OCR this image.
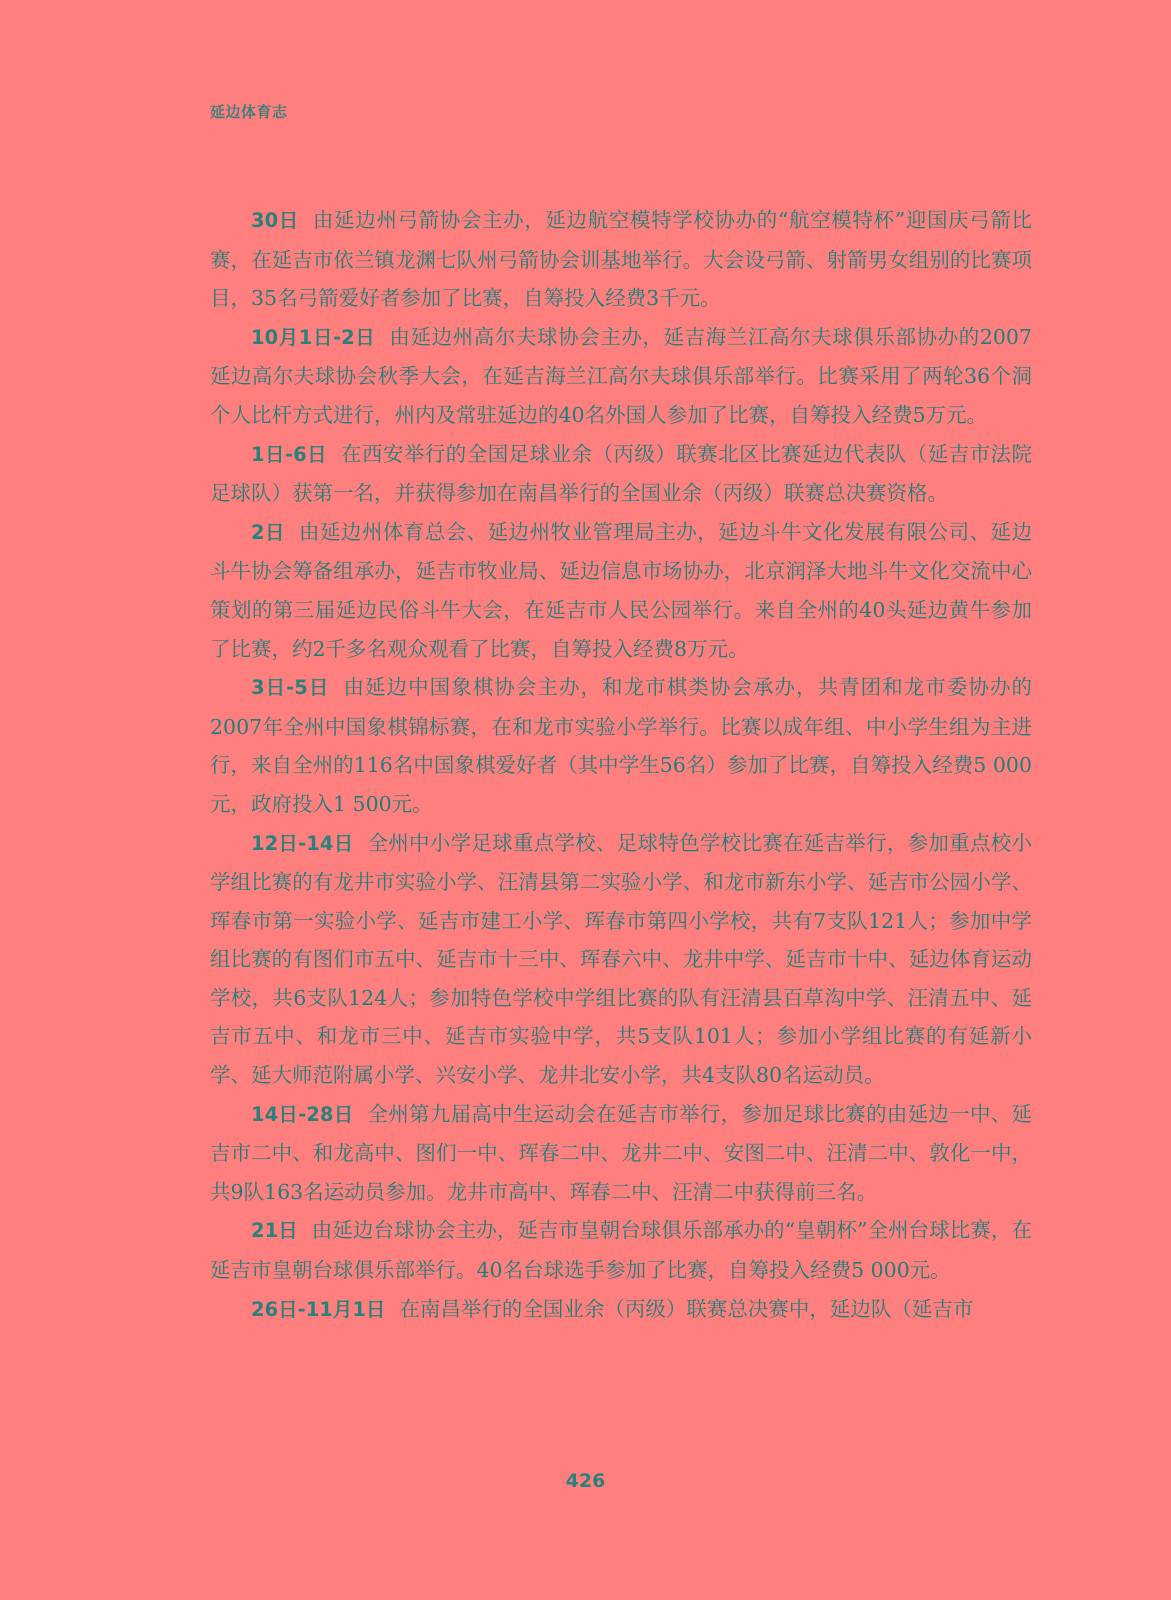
延边体育志

30日 由延边州弓箭协会主办，延边航空模特学校协办的“航空模特杯”迎国庆弓箭比赛，在延吉市依兰镇龙渊七队州弓箭协会训基地举行。大会设弓箭、射箭男女组别的比赛项目，35名弓箭爱好者参加了比赛，自筹投入经费3千元。

10月1日-2日 由延边州高尔夫球协会主办，延吉海兰江高尔夫球俱乐部协办的2007延边高尔夫球协会秋季大会，在延吉海兰江高尔夫球俱乐部举行。比赛采用了两轮36个洞个人比杆方式进行，州内及常驻延边的40名外国人参加了比赛，自筹投入经费5万元。

1日-6日 在西安举行的全国足球业余（丙级）联赛北区比赛延边代表队（延吉市法院足球队）获第一名，并获得参加在南昌举行的全国业余（丙级）联赛总决赛资格。

2日 由延边州体育总会、延边州牧业管理局主办，延边斗牛文化发展有限公司、延边斗牛协会筹备组承办，延吉市牧业局、延边信息市场协办，北京润泽大地斗牛文化交流中心策划的第三届延边民俗斗牛大会，在延吉市人民公园举行。来自全州的40头延边黄牛参加了比赛，约2千多名观众观看了比赛，自筹投入经费8万元。

3日-5日 由延边中国象棋协会主办，和龙市棋类协会承办，共青团和龙市委协办的2007年全州中国象棋锦标赛，在和龙市实验小学举行。比赛以成年组、中小学生组为主进行，来自全州的116名中国象棋爱好者（其中学生56名）参加了比赛，自筹投入经费5 000元，政府投入1 500元。

12日-14日 全州中小学足球重点学校、足球特色学校比赛在延吉举行，参加重点校小学组比赛的有龙井市实验小学、汪清县第二实验小学、和龙市新东小学、延吉市公园小学、珲春市第一实验小学、延吉市建工小学、珲春市第四小学校，共有7支队121人；参加中学组比赛的有图们市五中、延吉市十三中、珲春六中、龙井中学、延吉市十中、延边体育运动学校，共6支队124人；参加特色学校中学组比赛的队有汪清县百草沟中学、汪清五中、延吉市五中、和龙市三中、延吉市实验中学，共5支队101人；参加小学组比赛的有延新小学、延大师范附属小学、兴安小学、龙井北安小学，共4支队80名运动员。

14日-28日 全州第九届高中生运动会在延吉市举行，参加足球比赛的由延边一中、延吉市二中、和龙高中、图们一中、珲春二中、龙井二中、安图二中、汪清二中、敦化一中，共9队163名运动员参加。龙井市高中、珲春二中、汪清二中获得前三名。

21日 由延边台球协会主办，延吉市皇朝台球俱乐部承办的“皇朝杯”全州台球比赛，在延吉市皇朝台球俱乐部举行。40名台球选手参加了比赛，自筹投入经费5 000元。

26日-11月1日 在南昌举行的全国业余（丙级）联赛总决赛中，延边队（延吉市

426
